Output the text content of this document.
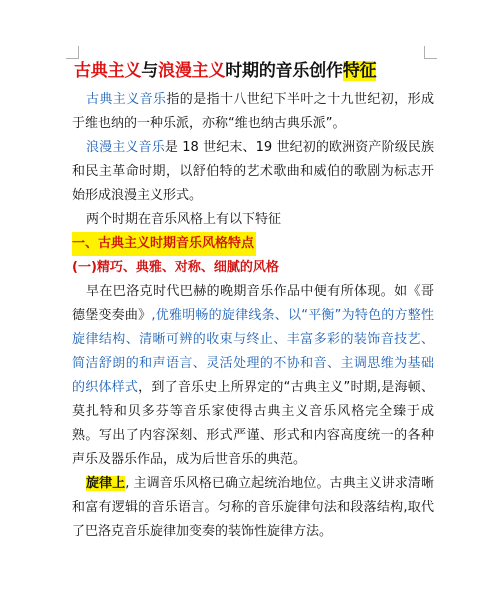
古典主义与浪漫主义时期的音乐创作特征

古典主义音乐指的是指十八世纪下半叶之十九世纪初，形成于维也纳的一种乐派，亦称“维也纳古典乐派”。

浪漫主义音乐是 18 世纪末、19 世纪初的欧洲资产阶级民族和民主革命时期，以舒伯特的艺术歌曲和威伯的歌剧为标志开始形成浪漫主义形式。

两个时期在音乐风格上有以下特征

一、古典主义时期音乐风格特点
(一)精巧、典雅、对称、细腻的风格

早在巴洛克时代巴赫的晚期音乐作品中便有所体现。如《哥德堡变奏曲》,优雅明畅的旋律线条、以“平衡”为特色的方整性旋律结构、清晰可辨的收束与终止、丰富多彩的装饰音技艺、简洁舒朗的和声语言、灵活处理的不协和音、主调思维为基础的织体样式，到了音乐史上所界定的“古典主义”时期,是海顿、莫扎特和贝多芬等音乐家使得古典主义音乐风格完全臻于成熟。写出了内容深刻、形式严谨、形式和内容高度统一的各种声乐及器乐作品，成为后世音乐的典范。

旋律上, 主调音乐风格已确立起统治地位。古典主义讲求清晰和富有逻辑的音乐语言。匀称的音乐旋律句法和段落结构,取代了巴洛克音乐旋律加变奏的装饰性旋律方法。
